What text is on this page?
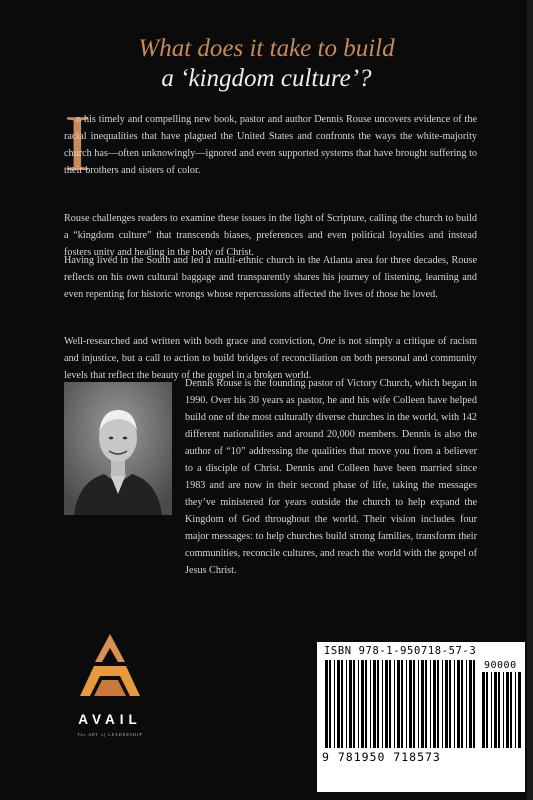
What does it take to build
a ‘kingdom culture’?
I

n his timely and compelling new book, pastor and author Dennis Rouse uncovers evidence of the racial inequalities that have plagued the United States and confronts the ways the white-majority church has—often unknowingly—ignored and even supported systems that have brought suffering to their brothers and sisters of color.

Rouse challenges readers to examine these issues in the light of Scripture, calling the church to build a “kingdom culture” that transcends biases, preferences and even political loyalties and instead fosters unity and healing in the body of Christ.

Having lived in the South and led a multi-ethnic church in the Atlanta area for three decades, Rouse reflects on his own cultural baggage and transparently shares his journey of listening, learning and even repenting for historic wrongs whose repercussions affected the lives of those he loved.

Well-researched and written with both grace and conviction, One is not simply a critique of racism and injustice, but a call to action to build bridges of reconciliation on both personal and community levels that reflect the beauty of the gospel in a broken world.

Dennis Rouse is the founding pastor of Victory Church, which began in 1990. Over his 30 years as pastor, he and his wife Colleen have helped build one of the most culturally diverse churches in the world, with 142 different nationalities and around 20,000 members. Dennis is also the author of “10” addressing the qualities that move you from a believer to a disciple of Christ. Dennis and Colleen have been married since 1983 and are now in their second phase of life, taking the messages they’ve ministered for years outside the church to help expand the Kingdom of God throughout the world. Their vision includes four major messages: to help churches build strong families, transform their communities, reconcile cultures, and reach the world with the gospel of Jesus Christ.

AVAIL
The ART of LEADERSHIP
ISBN 978-1-950718-57-3
90000
9 781950 718573
